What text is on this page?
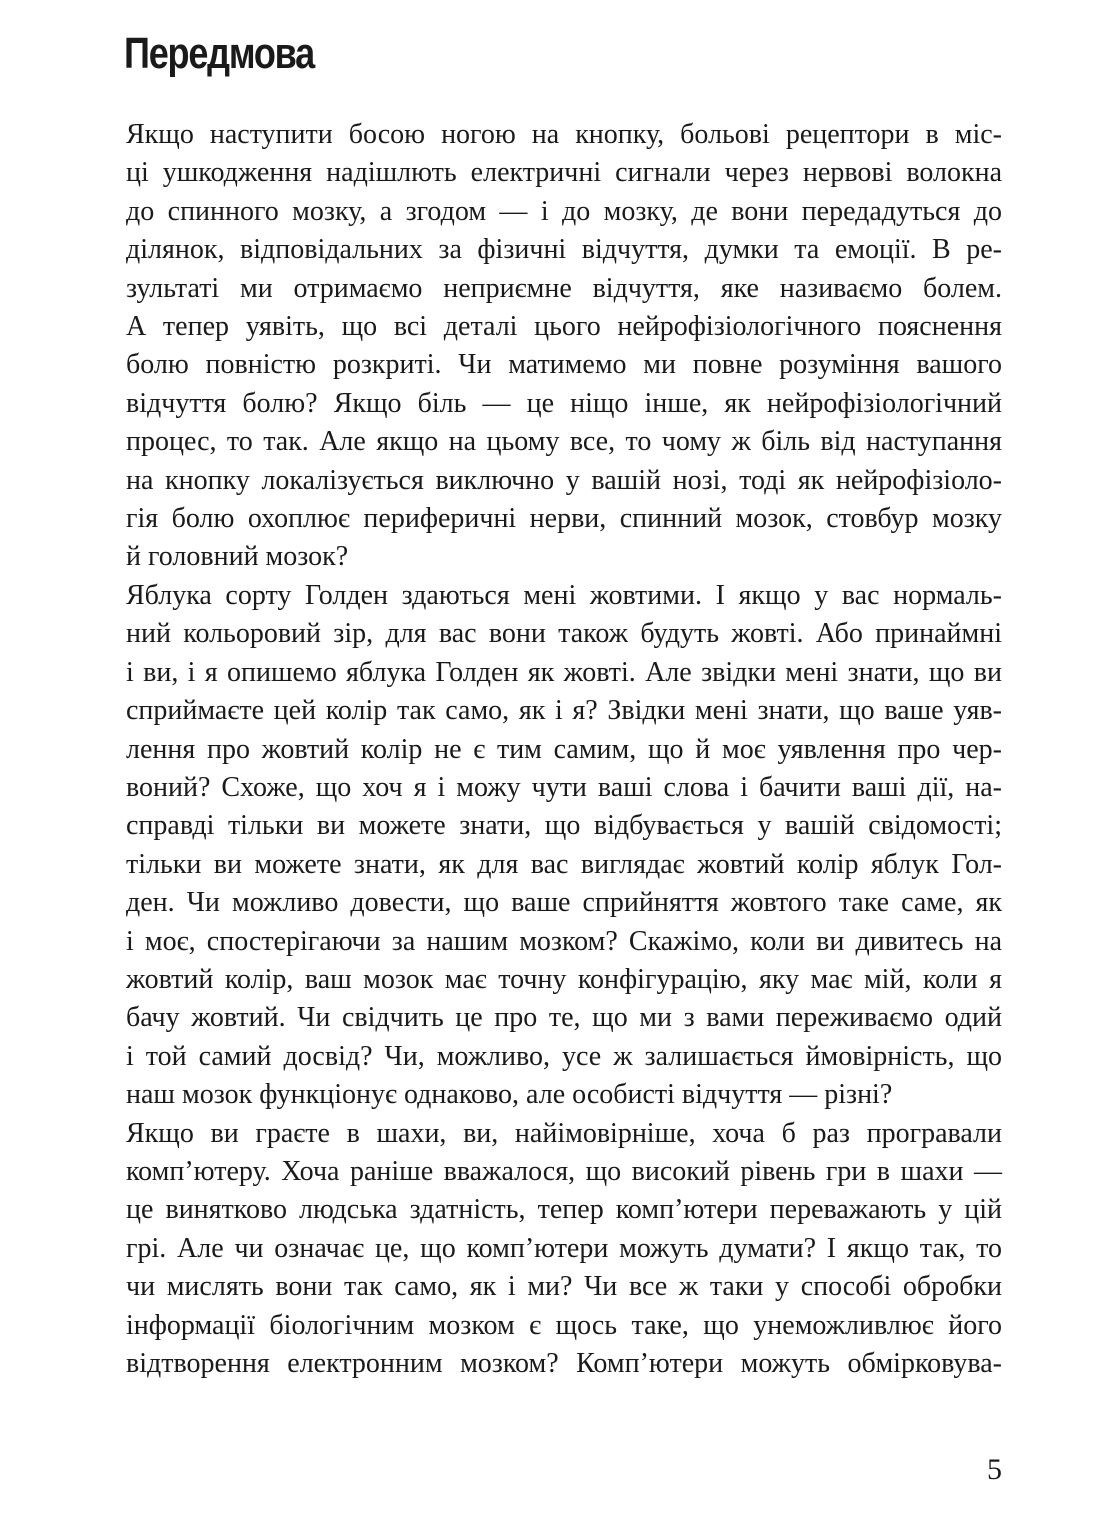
Передмова

Якщо наступити босою ногою на кнопку, больові рецептори в міс-
ці ушкодження надішлють електричні сигнали через нервові волокна
до спинного мозку, а згодом — і до мозку, де вони передадуться до
ділянок, відповідальних за фізичні відчуття, думки та емоції. В ре-
зультаті ми отримаємо неприємне відчуття, яке називаємо болем.
А тепер уявіть, що всі деталі цього нейрофізіологічного пояснення
болю повністю розкриті. Чи матимемо ми повне розуміння вашого
відчуття болю? Якщо біль — це ніщо інше, як нейрофізіологічний
процес, то так. Але якщо на цьому все, то чому ж біль від наступання
на кнопку локалізується виключно у вашій нозі, тоді як нейрофізіоло-
гія болю охоплює периферичні нерви, спинний мозок, стовбур мозку
й головний мозок?

Яблука сорту Голден здаються мені жовтими. І якщо у вас нормаль-
ний кольоровий зір, для вас вони також будуть жовті. Або принаймні
і ви, і я опишемо яблука Голден як жовті. Але звідки мені знати, що ви
сприймаєте цей колір так само, як і я? Звідки мені знати, що ваше уяв-
лення про жовтий колір не є тим самим, що й моє уявлення про чер-
воний? Схоже, що хоч я і можу чути ваші слова і бачити ваші дії, на-
справді тільки ви можете знати, що відбувається у вашій свідомості;
тільки ви можете знати, як для вас виглядає жовтий колір яблук Гол-
ден. Чи можливо довести, що ваше сприйняття жовтого таке саме, як
і моє, спостерігаючи за нашим мозком? Скажімо, коли ви дивитесь на
жовтий колір, ваш мозок має точну конфігурацію, яку має мій, коли я
бачу жовтий. Чи свідчить це про те, що ми з вами переживаємо одий
і той самий досвід? Чи, можливо, усе ж залишається ймовірність, що
наш мозок функціонує однаково, але особисті відчуття — різні?

Якщо ви граєте в шахи, ви, найімовірніше, хоча б раз програвали
комп’ютеру. Хоча раніше вважалося, що високий рівень гри в шахи —
це винятково людська здатність, тепер комп’ютери переважають у цій
грі. Але чи означає це, що комп’ютери можуть думати? І якщо так, то
чи мислять вони так само, як і ми? Чи все ж таки у способі обробки
інформації біологічним мозком є щось таке, що унеможливлює його
відтворення електронним мозком? Комп’ютери можуть обмірковува-

5
